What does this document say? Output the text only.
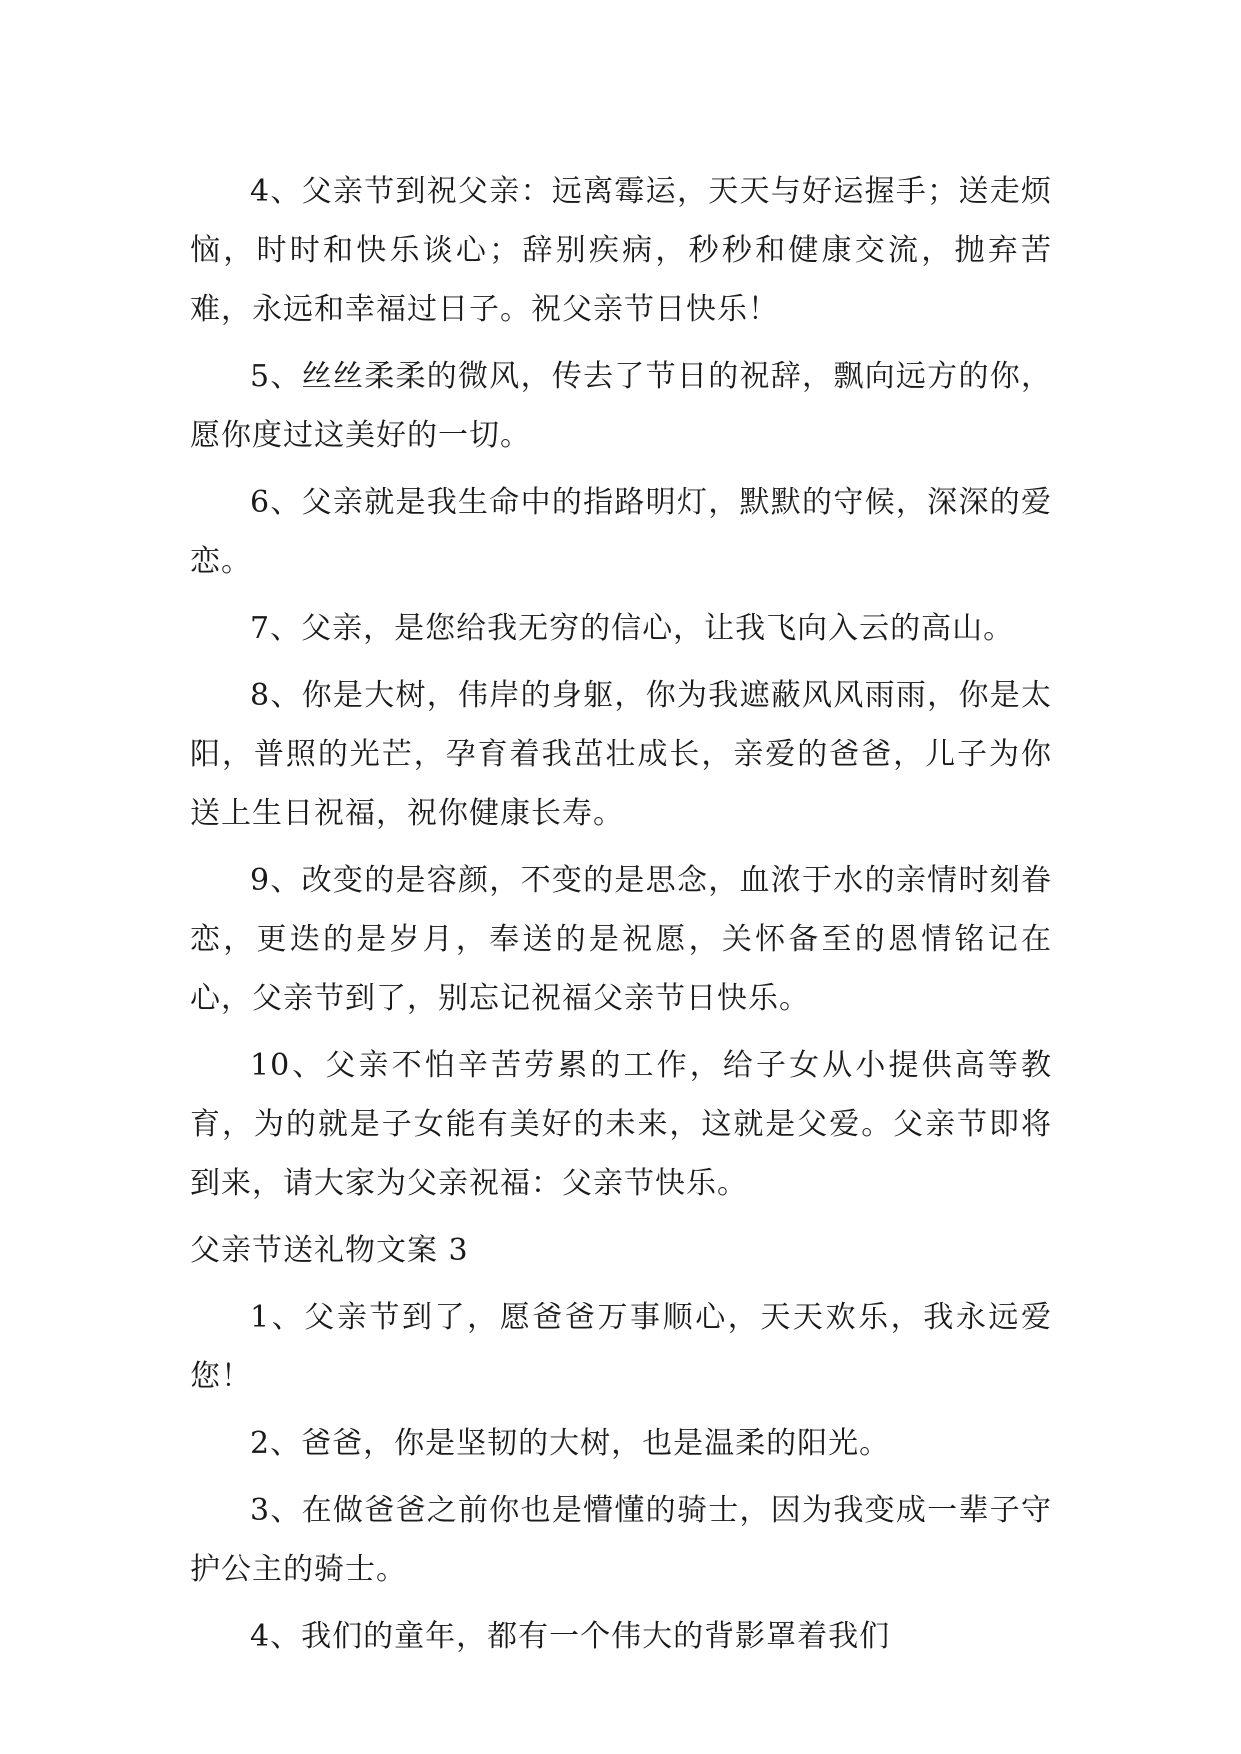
4、父亲节到祝父亲：远离霉运，天天与好运握手；送走烦恼，时时和快乐谈心；辞别疾病，秒秒和健康交流，抛弃苦难，永远和幸福过日子。祝父亲节日快乐！

5、丝丝柔柔的微风，传去了节日的祝辞，飘向远方的你，愿你度过这美好的一切。

6、父亲就是我生命中的指路明灯，默默的守候，深深的爱恋。

7、父亲，是您给我无穷的信心，让我飞向入云的高山。

8、你是大树，伟岸的身躯，你为我遮蔽风风雨雨，你是太阳，普照的光芒，孕育着我茁壮成长，亲爱的爸爸，儿子为你送上生日祝福，祝你健康长寿。

9、改变的是容颜，不变的是思念，血浓于水的亲情时刻眷恋，更迭的是岁月，奉送的是祝愿，关怀备至的恩情铭记在心，父亲节到了，别忘记祝福父亲节日快乐。

10、父亲不怕辛苦劳累的工作，给子女从小提供高等教育，为的就是子女能有美好的未来，这就是父爱。父亲节即将到来，请大家为父亲祝福：父亲节快乐。

父亲节送礼物文案 3

1、父亲节到了，愿爸爸万事顺心，天天欢乐，我永远爱您！

2、爸爸，你是坚韧的大树，也是温柔的阳光。

3、在做爸爸之前你也是懵懂的骑士，因为我变成一辈子守护公主的骑士。

4、我们的童年，都有一个伟大的背影罩着我们
